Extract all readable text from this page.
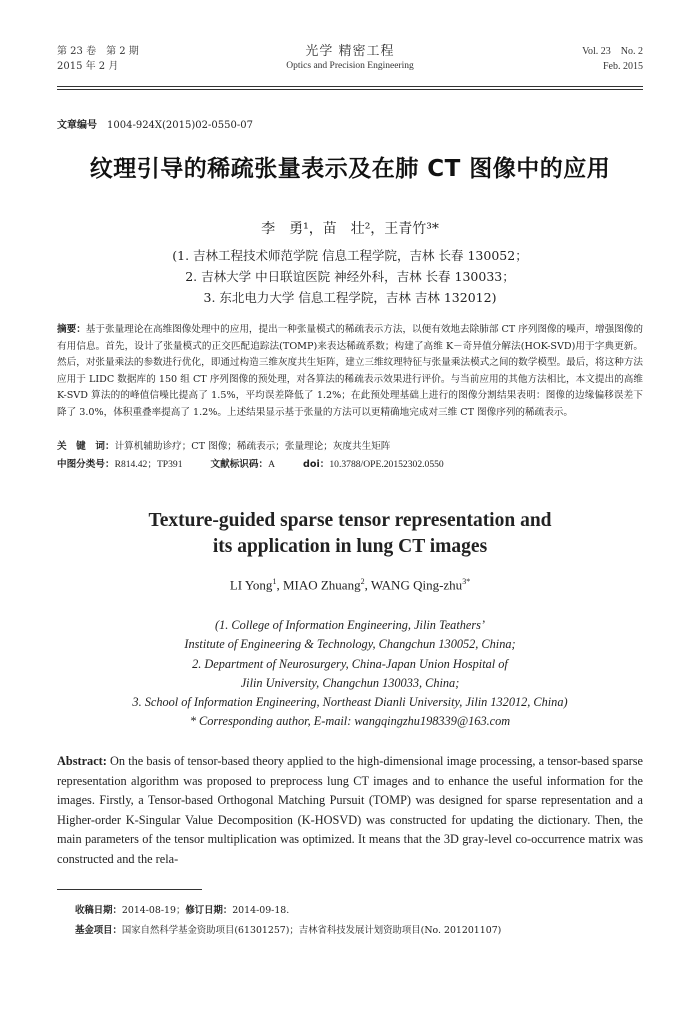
第 23 卷　第 2 期
2015 年 2 月
光学 精密工程
Optics and Precision Engineering
Vol. 23　No. 2
Feb. 2015
文章编号 1004-924X(2015)02-0550-07
纹理引导的稀疏张量表示及在肺 CT 图像中的应用
李　勇¹，苗　壮²，王青竹³*
(1. 吉林工程技术师范学院 信息工程学院，吉林 长春 130052；
2. 吉林大学 中日联谊医院 神经外科，吉林 长春 130033；
3. 东北电力大学 信息工程学院，吉林 吉林 132012)
摘要：基于张量理论在高维图像处理中的应用，提出一种张量模式的稀疏表示方法，以便有效地去除肺部 CT 序列图像的噪声，增强图像的有用信息。首先，设计了张量模式的正交匹配追踪法(TOMP)来表达稀疏系数；构建了高维 K－奇异值分解法(HOK-SVD)用于字典更新。然后，对张量乘法的参数进行优化，即通过构造三维灰度共生矩阵，建立三维纹理特征与张量乘法模式之间的数学模型。最后，将这种方法应用于 LIDC 数据库的 150 组 CT 序列图像的预处理，对各算法的稀疏表示效果进行评价。与当前应用的其他方法相比，本文提出的高维 K-SVD 算法的的峰值信噪比提高了 1.5%，平均误差降低了 1.2%；在此预处理基础上进行的图像分割结果表明：图像的边缘偏移误差下降了 3.0%，体积重叠率提高了 1.2%。上述结果显示基于张量的方法可以更精确地完成对三维 CT 图像序列的稀疏表示。
关　键　词：计算机辅助诊疗；CT 图像；稀疏表示；张量理论；灰度共生矩阵
中图分类号：R814.42；TP391	文献标识码：A	doi：10.3788/OPE.20152302.0550
Texture-guided sparse tensor representation and
its application in lung CT images
LI Yong$^1$, MIAO Zhuang$^2$, WANG Qing-zhu$^{3*}$
(1. College of Information Engineering, Jilin Teathers’
Institute of Engineering & Technology, Changchun 130052, China;
2. Department of Neurosurgery, China-Japan Union Hospital of
Jilin University, Changchun 130033, China;
3. School of Information Engineering, Northeast Dianli University, Jilin 132012, China)
* Corresponding author, E-mail: wangqingzhu198339@163.com
Abstract: On the basis of tensor-based theory applied to the high-dimensional image processing, a tensor-based sparse representation algorithm was proposed to preprocess lung CT images and to enhance the useful information for the images. Firstly, a Tensor-based Orthogonal Matching Pursuit (TOMP) was designed for sparse representation and a Higher-order K-Singular Value Decomposition (K-HOSVD) was constructed for updating the dictionary. Then, the main parameters of the tensor multiplication was optimized. It means that the 3D gray-level co-occurrence matrix was constructed and the rela-
收稿日期：2014-08-19；修订日期：2014-09-18.
基金项目：国家自然科学基金资助项目(61301257)；吉林省科技发展计划资助项目(No. 201201107)
